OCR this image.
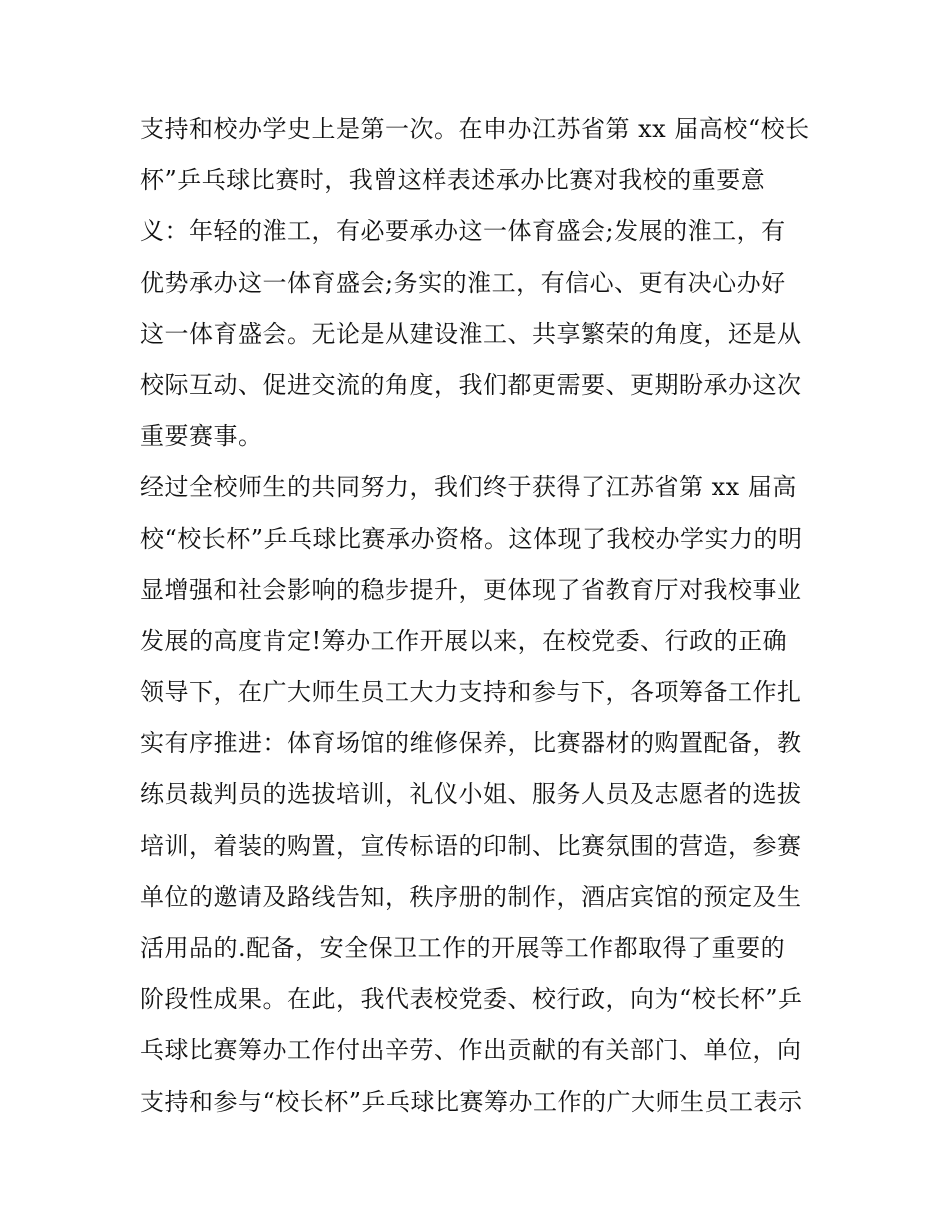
支持和校办学史上是第一次。在申办江苏省第 xx 届高校“校长
杯”乒乓球比赛时，我曾这样表述承办比赛对我校的重要意
义：年轻的淮工，有必要承办这一体育盛会;发展的淮工，有
优势承办这一体育盛会;务实的淮工，有信心、更有决心办好
这一体育盛会。无论是从建设淮工、共享繁荣的角度，还是从
校际互动、促进交流的角度，我们都更需要、更期盼承办这次
重要赛事。
经过全校师生的共同努力，我们终于获得了江苏省第 xx 届高
校“校长杯”乒乓球比赛承办资格。这体现了我校办学实力的明
显增强和社会影响的稳步提升，更体现了省教育厅对我校事业
发展的高度肯定!筹办工作开展以来，在校党委、行政的正确
领导下，在广大师生员工大力支持和参与下，各项筹备工作扎
实有序推进：体育场馆的维修保养，比赛器材的购置配备，教
练员裁判员的选拔培训，礼仪小姐、服务人员及志愿者的选拔
培训，着装的购置，宣传标语的印制、比赛氛围的营造，参赛
单位的邀请及路线告知，秩序册的制作，酒店宾馆的预定及生
活用品的.配备，安全保卫工作的开展等工作都取得了重要的
阶段性成果。在此，我代表校党委、校行政，向为“校长杯”乒
乓球比赛筹办工作付出辛劳、作出贡献的有关部门、单位，向
支持和参与“校长杯”乒乓球比赛筹办工作的广大师生员工表示
